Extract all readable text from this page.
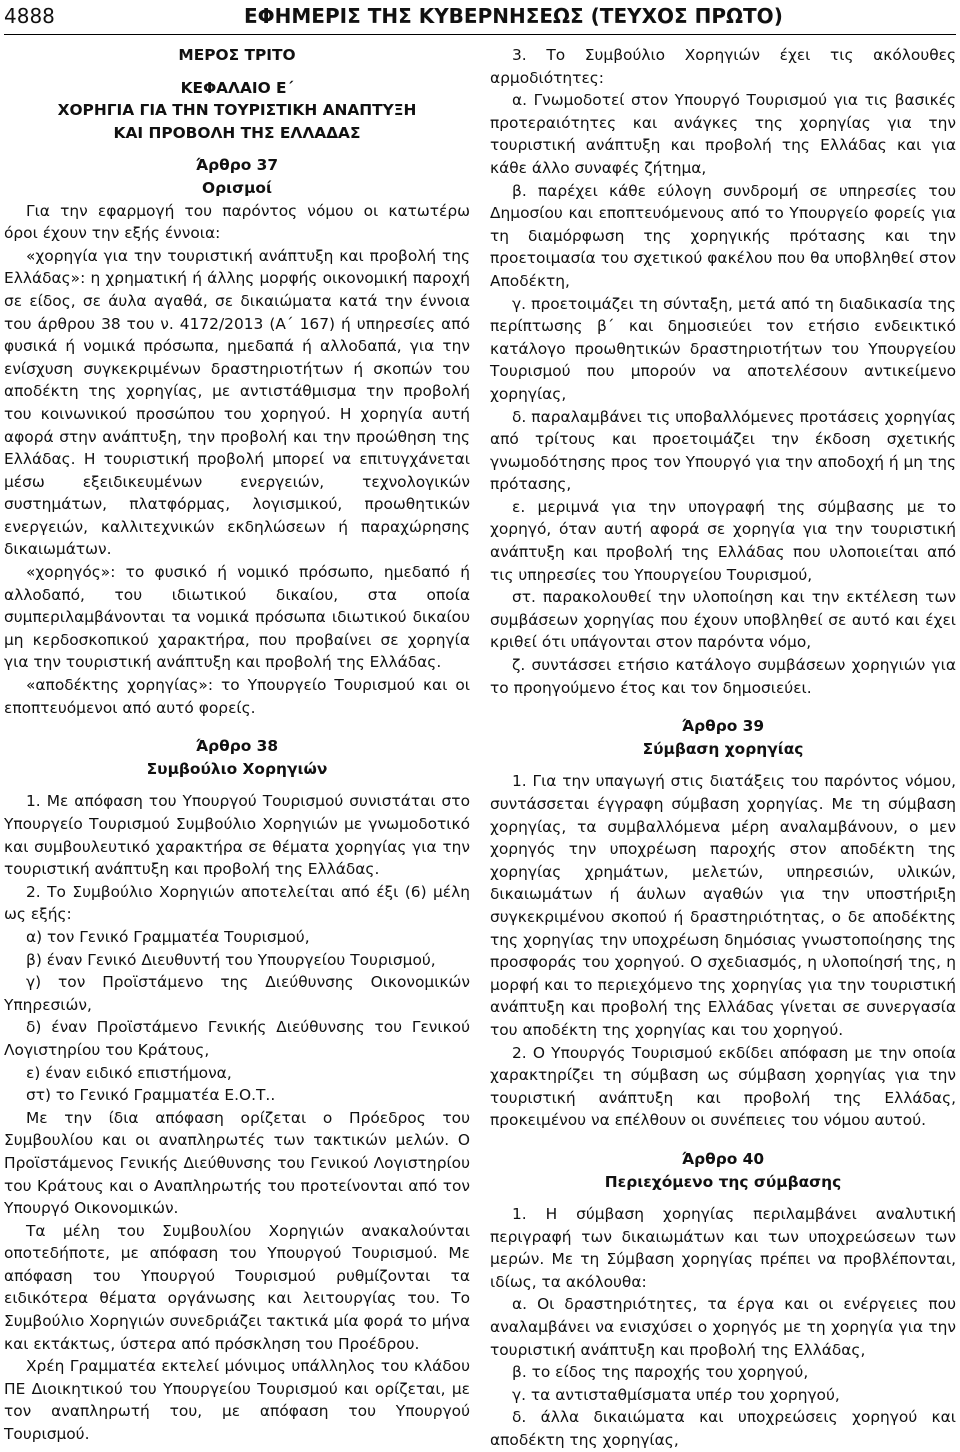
4888	ΕΦΗΜΕΡΙΣ ΤΗΣ ΚΥΒΕΡΝΗΣΕΩΣ (ΤΕΥΧΟΣ ΠΡΩΤΟ)

ΜΕΡΟΣ ΤΡΙΤΟ

ΚΕΦΑΛΑΙΟ Ε΄

ΧΟΡΗΓΙΑ ΓΙΑ ΤΗΝ ΤΟΥΡΙΣΤΙΚΗ ΑΝΑΠΤΥΞΗ

ΚΑΙ ΠΡΟΒΟΛΗ ΤΗΣ ΕΛΛΑΔΑΣ

Άρθρο 37

Ορισμοί

Για την εφαρμογή του παρόντος νόμου οι κατωτέρω όροι έχουν την εξής έννοια:

«χορηγία για την τουριστική ανάπτυξη και προβολή της Ελλάδας»: η χρηματική ή άλλης μορφής οικονομική παροχή σε είδος, σε άυλα αγαθά, σε δικαιώματα κατά την έννοια του άρθρου 38 του ν. 4172/2013 (Α΄ 167) ή υπηρεσίες από φυσικά ή νομικά πρόσωπα, ημεδαπά ή αλλοδαπά, για την ενίσχυση συγκεκριμένων δραστηριοτήτων ή σκοπών του αποδέκτη της χορηγίας, με αντιστάθμισμα την προβολή του κοινωνικού προσώπου του χορηγού. Η χορηγία αυτή αφορά στην ανάπτυξη, την προβολή και την προώθηση της Ελλάδας. Η τουριστική προβολή μπορεί να επιτυγχάνεται μέσω εξειδικευμένων ενεργειών, τεχνολογικών συστημάτων, πλατφόρμας, λογισμικού, προωθητικών ενεργειών, καλλιτεχνικών εκδηλώσεων ή παραχώρησης δικαιωμάτων.

«χορηγός»: το φυσικό ή νομικό πρόσωπο, ημεδαπό ή αλλοδαπό, του ιδιωτικού δικαίου, στα οποία συμπεριλαμβάνονται τα νομικά πρόσωπα ιδιωτικού δικαίου μη κερδοσκοπικού χαρακτήρα, που προβαίνει σε χορηγία για την τουριστική ανάπτυξη και προβολή της Ελλάδας.

«αποδέκτης χορηγίας»: το Υπουργείο Τουρισμού και οι εποπτευόμενοι από αυτό φορείς.

Άρθρο 38

Συμβούλιο Χορηγιών

1. Με απόφαση του Υπουργού Τουρισμού συνιστάται στο Υπουργείο Τουρισμού Συμβούλιο Χορηγιών με γνωμοδοτικό και συμβουλευτικό χαρακτήρα σε θέματα χορηγίας για την τουριστική ανάπτυξη και προβολή της Ελλάδας.

2. Το Συμβούλιο Χορηγιών αποτελείται από έξι (6) μέλη ως εξής:

α) τον Γενικό Γραμματέα Τουρισμού,

β) έναν Γενικό Διευθυντή του Υπουργείου Τουρισμού,

γ) τον Προϊστάμενο της Διεύθυνσης Οικονομικών Υπηρεσιών,

δ) έναν Προϊστάμενο Γενικής Διεύθυνσης του Γενικού Λογιστηρίου του Κράτους,

ε) έναν ειδικό επιστήμονα,

στ) το Γενικό Γραμματέα Ε.Ο.Τ..

Με την ίδια απόφαση ορίζεται ο Πρόεδρος του Συμβουλίου και οι αναπληρωτές των τακτικών μελών. Ο Προϊστάμενος Γενικής Διεύθυνσης του Γενικού Λογιστηρίου του Κράτους και ο Αναπληρωτής του προτείνονται από τον Υπουργό Οικονομικών.

Τα μέλη του Συμβουλίου Χορηγιών ανακαλούνται οποτεδήποτε, με απόφαση του Υπουργού Τουρισμού. Με απόφαση του Υπουργού Τουρισμού ρυθμίζονται τα ειδικότερα θέματα οργάνωσης και λειτουργίας του. Το Συμβούλιο Χορηγιών συνεδριάζει τακτικά μία φορά το μήνα και εκτάκτως, ύστερα από πρόσκληση του Προέδρου.

Χρέη Γραμματέα εκτελεί μόνιμος υπάλληλος του κλάδου ΠΕ Διοικητικού του Υπουργείου Τουρισμού και ορίζεται, με τον αναπληρωτή του, με απόφαση του Υπουργού Τουρισμού.

3. Το Συμβούλιο Χορηγιών έχει τις ακόλουθες αρμοδιότητες:

α. Γνωμοδοτεί στον Υπουργό Τουρισμού για τις βασικές προτεραιότητες και ανάγκες της χορηγίας για την τουριστική ανάπτυξη και προβολή της Ελλάδας και για κάθε άλλο συναφές ζήτημα,

β. παρέχει κάθε εύλογη συνδρομή σε υπηρεσίες του Δημοσίου και εποπτευόμενους από το Υπουργείο φορείς για τη διαμόρφωση της χορηγικής πρότασης και την προετοιμασία του σχετικού φακέλου που θα υποβληθεί στον Αποδέκτη,

γ. προετοιμάζει τη σύνταξη, μετά από τη διαδικασία της περίπτωσης β΄ και δημοσιεύει τον ετήσιο ενδεικτικό κατάλογο προωθητικών δραστηριοτήτων του Υπουργείου Τουρισμού που μπορούν να αποτελέσουν αντικείμενο χορηγίας,

δ. παραλαμβάνει τις υποβαλλόμενες προτάσεις χορηγίας από τρίτους και προετοιμάζει την έκδοση σχετικής γνωμοδότησης προς τον Υπουργό για την αποδοχή ή μη της πρότασης,

ε. μεριμνά για την υπογραφή της σύμβασης με το χορηγό, όταν αυτή αφορά σε χορηγία για την τουριστική ανάπτυξη και προβολή της Ελλάδας που υλοποιείται από τις υπηρεσίες του Υπουργείου Τουρισμού,

στ. παρακολουθεί την υλοποίηση και την εκτέλεση των συμβάσεων χορηγίας που έχουν υποβληθεί σε αυτό και έχει κριθεί ότι υπάγονται στον παρόντα νόμο,

ζ. συντάσσει ετήσιο κατάλογο συμβάσεων χορηγιών για το προηγούμενο έτος και τον δημοσιεύει.

Άρθρο 39

Σύμβαση χορηγίας

1. Για την υπαγωγή στις διατάξεις του παρόντος νόμου, συντάσσεται έγγραφη σύμβαση χορηγίας. Με τη σύμβαση χορηγίας, τα συμβαλλόμενα μέρη αναλαμβάνουν, ο μεν χορηγός την υποχρέωση παροχής στον αποδέκτη της χορηγίας χρημάτων, μελετών, υπηρεσιών, υλικών, δικαιωμάτων ή άυλων αγαθών για την υποστήριξη συγκεκριμένου σκοπού ή δραστηριότητας, ο δε αποδέκτης της χορηγίας την υποχρέωση δημόσιας γνωστοποίησης της προσφοράς του χορηγού. Ο σχεδιασμός, η υλοποίησή της, η μορφή και το περιεχόμενο της χορηγίας για την τουριστική ανάπτυξη και προβολή της Ελλάδας γίνεται σε συνεργασία του αποδέκτη της χορηγίας και του χορηγού.

2. Ο Υπουργός Τουρισμού εκδίδει απόφαση με την οποία χαρακτηρίζει τη σύμβαση ως σύμβαση χορηγίας για την τουριστική ανάπτυξη και προβολή της Ελλάδας, προκειμένου να επέλθουν οι συνέπειες του νόμου αυτού.

Άρθρο 40

Περιεχόμενο της σύμβασης

1. Η σύμβαση χορηγίας περιλαμβάνει αναλυτική περιγραφή των δικαιωμάτων και των υποχρεώσεων των μερών. Με τη Σύμβαση χορηγίας πρέπει να προβλέπονται, ιδίως, τα ακόλουθα:

α. Οι δραστηριότητες, τα έργα και οι ενέργειες που αναλαμβάνει να ενισχύσει ο χορηγός με τη χορηγία για την τουριστική ανάπτυξη και προβολή της Ελλάδας,

β. το είδος της παροχής του χορηγού,

γ. τα αντισταθμίσματα υπέρ του χορηγού,

δ. άλλα δικαιώματα και υποχρεώσεις χορηγού και αποδέκτη της χορηγίας,
